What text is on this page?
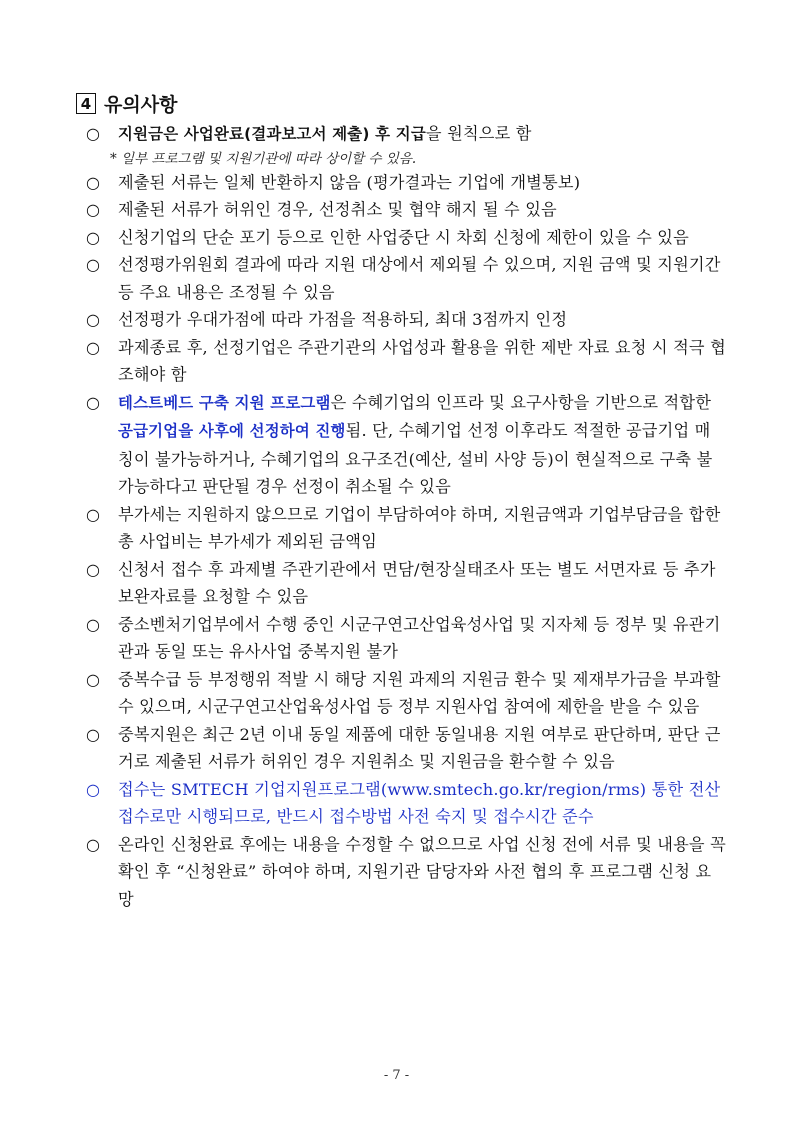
4 유의사항
○ 지원금은 사업완료(결과보고서 제출) 후 지급을 원칙으로 함
* 일부 프로그램 및 지원기관에 따라 상이할 수 있음.
○ 제출된 서류는 일체 반환하지 않음 (평가결과는 기업에 개별통보)
○ 제출된 서류가 허위인 경우, 선정취소 및 협약 해지 될 수 있음
○ 신청기업의 단순 포기 등으로 인한 사업중단 시 차회 신청에 제한이 있을 수 있음
○ 선정평가위원회 결과에 따라 지원 대상에서 제외될 수 있으며, 지원 금액 및 지원기간 등 주요 내용은 조정될 수 있음
○ 선정평가 우대가점에 따라 가점을 적용하되, 최대 3점까지 인정
○ 과제종료 후, 선정기업은 주관기관의 사업성과 활용을 위한 제반 자료 요청 시 적극 협조해야 함
○ 테스트베드 구축 지원 프로그램은 수혜기업의 인프라 및 요구사항을 기반으로 적합한 공급기업을 사후에 선정하여 진행됨. 단, 수혜기업 선정 이후라도 적절한 공급기업 매칭이 불가능하거나, 수혜기업의 요구조건(예산, 설비 사양 등)이 현실적으로 구축 불가능하다고 판단될 경우 선정이 취소될 수 있음
○ 부가세는 지원하지 않으므로 기업이 부담하여야 하며, 지원금액과 기업부담금을 합한 총 사업비는 부가세가 제외된 금액임
○ 신청서 접수 후 과제별 주관기관에서 면담/현장실태조사 또는 별도 서면자료 등 추가 보완자료를 요청할 수 있음
○ 중소벤처기업부에서 수행 중인 시군구연고산업육성사업 및 지자체 등 정부 및 유관기관과 동일 또는 유사사업 중복지원 불가
○ 중복수급 등 부정행위 적발 시 해당 지원 과제의 지원금 환수 및 제재부가금을 부과할 수 있으며, 시군구연고산업육성사업 등 정부 지원사업 참여에 제한을 받을 수 있음
○ 중복지원은 최근 2년 이내 동일 제품에 대한 동일내용 지원 여부로 판단하며, 판단 근거로 제출된 서류가 허위인 경우 지원취소 및 지원금을 환수할 수 있음
○ 접수는 SMTECH 기업지원프로그램(www.smtech.go.kr/region/rms) 통한 전산 접수로만 시행되므로, 반드시 접수방법 사전 숙지 및 접수시간 준수
○ 온라인 신청완료 후에는 내용을 수정할 수 없으므로 사업 신청 전에 서류 및 내용을 꼭 확인 후 “신청완료” 하여야 하며, 지원기관 담당자와 사전 협의 후 프로그램 신청 요망
- 7 -
